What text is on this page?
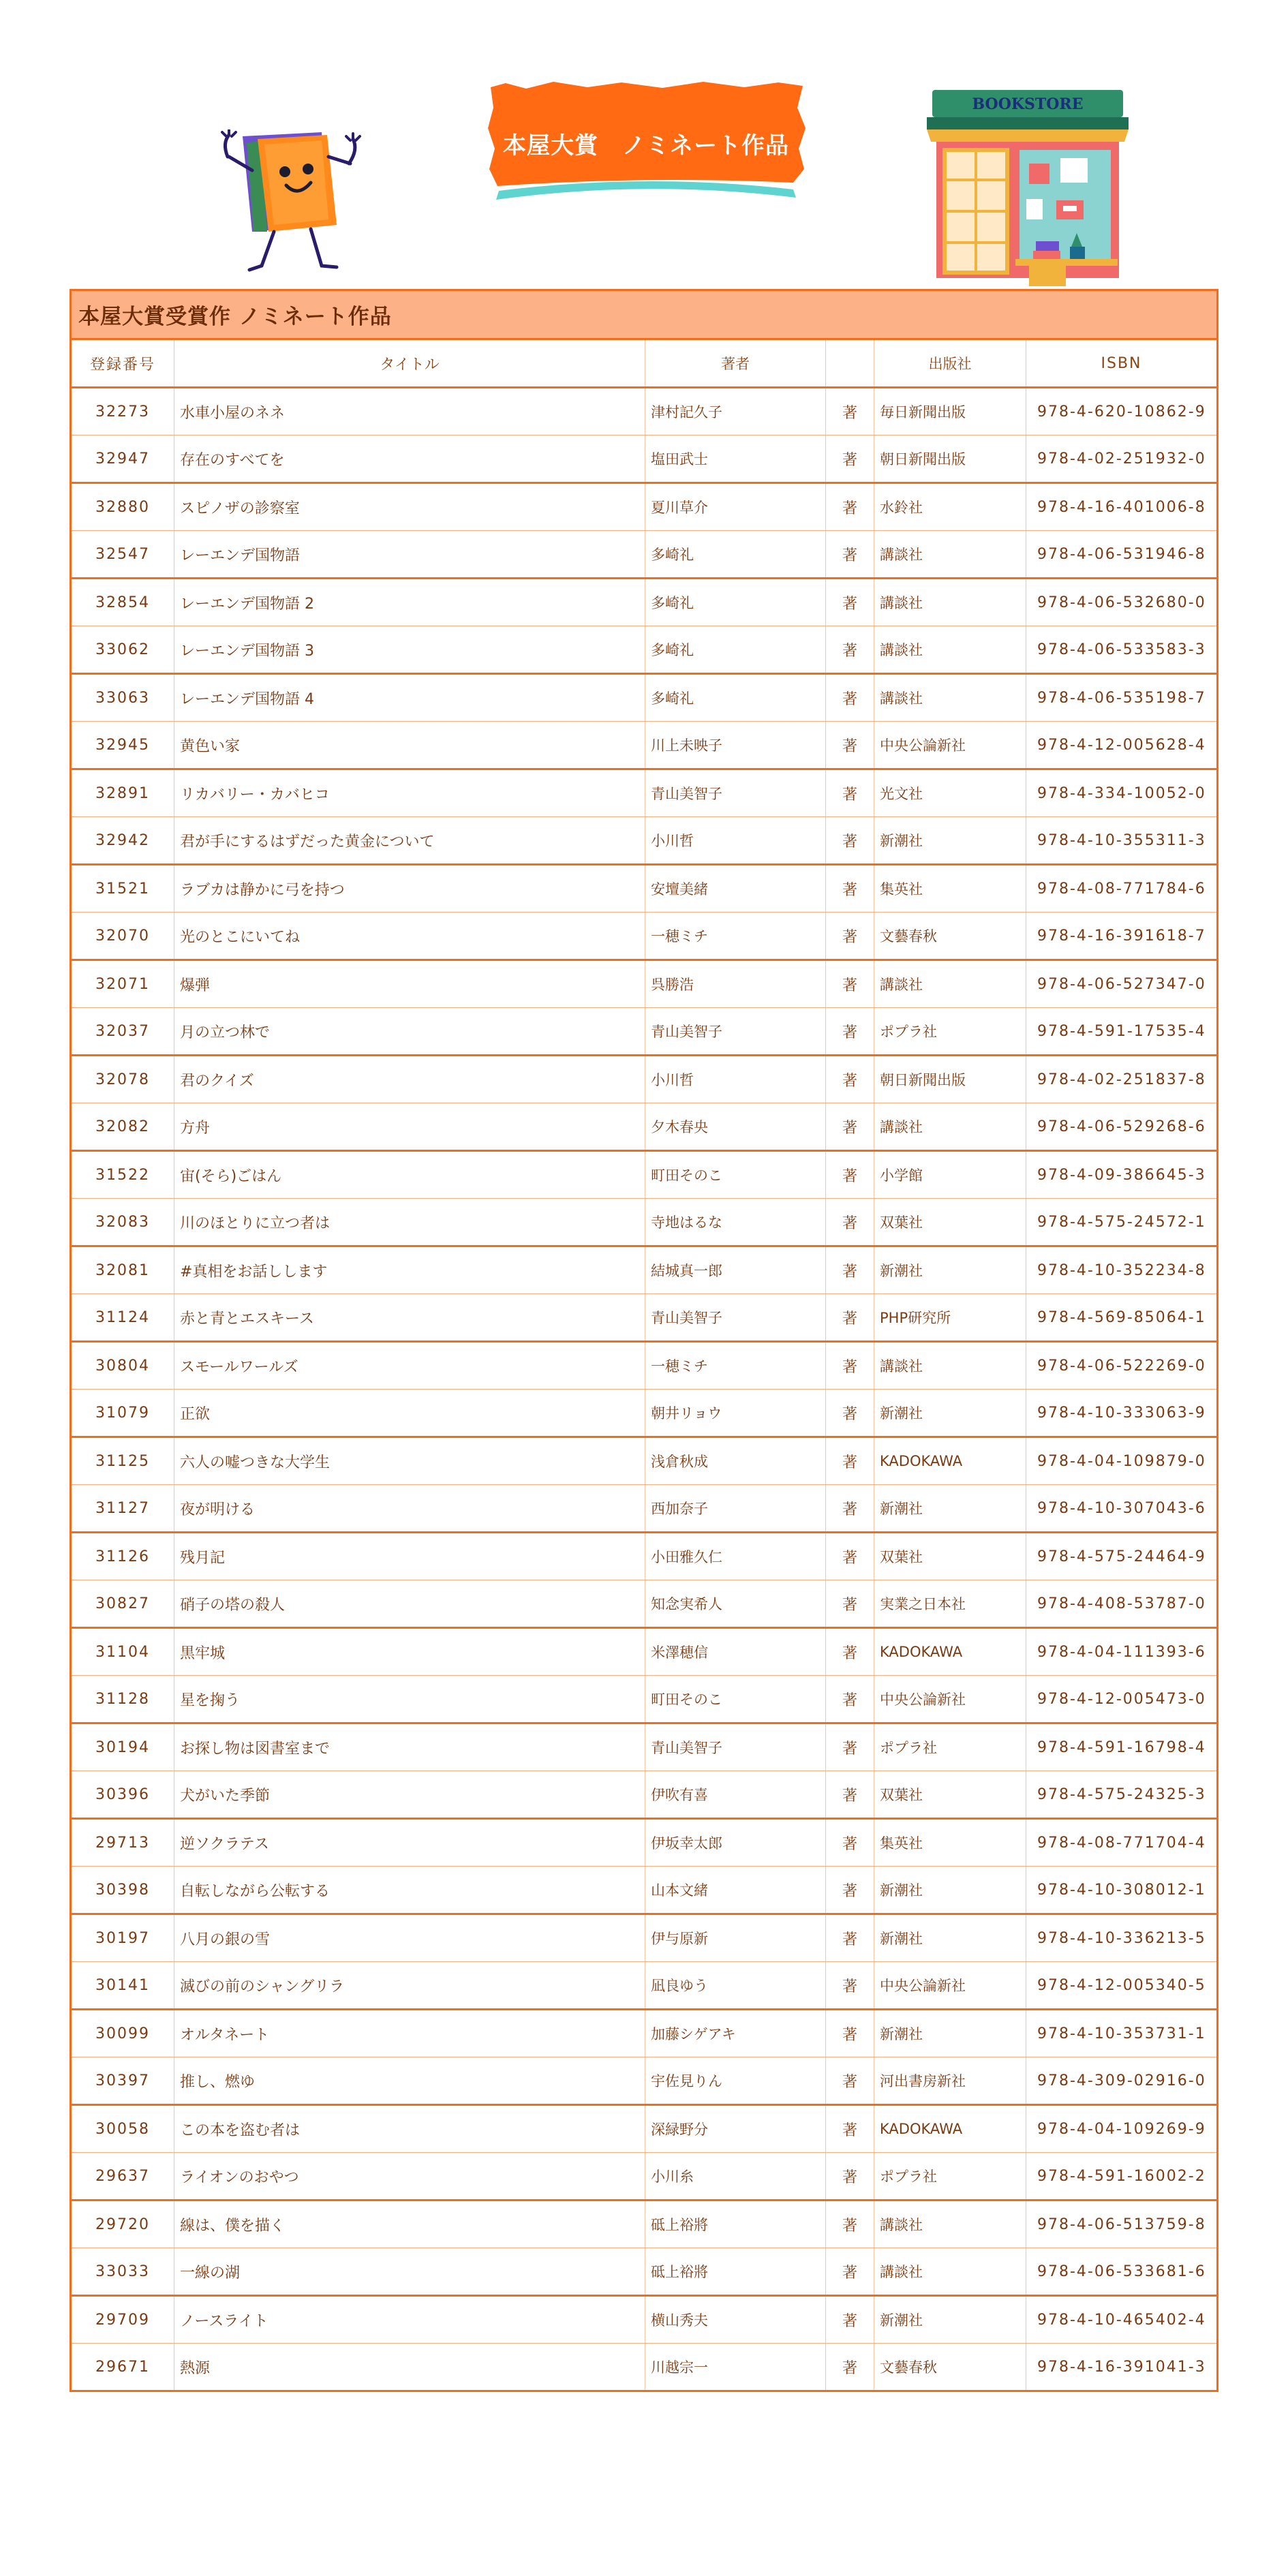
本屋大賞　ノミネート作品
BOOKSTORE
本屋大賞受賞作 ノミネート作品
登録番号	タイトル	著者		出版社	ISBN
32273	水車小屋のネネ	津村記久子	著	毎日新聞出版	978-4-620-10862-9
32947	存在のすべてを	塩田武士	著	朝日新聞出版	978-4-02-251932-0
32880	スピノザの診察室	夏川草介	著	水鈴社	978-4-16-401006-8
32547	レーエンデ国物語	多崎礼	著	講談社	978-4-06-531946-8
32854	レーエンデ国物語 2	多崎礼	著	講談社	978-4-06-532680-0
33062	レーエンデ国物語 3	多崎礼	著	講談社	978-4-06-533583-3
33063	レーエンデ国物語 4	多崎礼	著	講談社	978-4-06-535198-7
32945	黄色い家	川上未映子	著	中央公論新社	978-4-12-005628-4
32891	リカバリー・カバヒコ	青山美智子	著	光文社	978-4-334-10052-0
32942	君が手にするはずだった黄金について	小川哲	著	新潮社	978-4-10-355311-3
31521	ラブカは静かに弓を持つ	安壇美緒	著	集英社	978-4-08-771784-6
32070	光のとこにいてね	一穂ミチ	著	文藝春秋	978-4-16-391618-7
32071	爆弾	呉勝浩	著	講談社	978-4-06-527347-0
32037	月の立つ林で	青山美智子	著	ポプラ社	978-4-591-17535-4
32078	君のクイズ	小川哲	著	朝日新聞出版	978-4-02-251837-8
32082	方舟	夕木春央	著	講談社	978-4-06-529268-6
31522	宙(そら)ごはん	町田そのこ	著	小学館	978-4-09-386645-3
32083	川のほとりに立つ者は	寺地はるな	著	双葉社	978-4-575-24572-1
32081	#真相をお話しします	結城真一郎	著	新潮社	978-4-10-352234-8
31124	赤と青とエスキース	青山美智子	著	PHP研究所	978-4-569-85064-1
30804	スモールワールズ	一穂ミチ	著	講談社	978-4-06-522269-0
31079	正欲	朝井リョウ	著	新潮社	978-4-10-333063-9
31125	六人の嘘つきな大学生	浅倉秋成	著	KADOKAWA	978-4-04-109879-0
31127	夜が明ける	西加奈子	著	新潮社	978-4-10-307043-6
31126	残月記	小田雅久仁	著	双葉社	978-4-575-24464-9
30827	硝子の塔の殺人	知念実希人	著	実業之日本社	978-4-408-53787-0
31104	黒牢城	米澤穂信	著	KADOKAWA	978-4-04-111393-6
31128	星を掬う	町田そのこ	著	中央公論新社	978-4-12-005473-0
30194	お探し物は図書室まで	青山美智子	著	ポプラ社	978-4-591-16798-4
30396	犬がいた季節	伊吹有喜	著	双葉社	978-4-575-24325-3
29713	逆ソクラテス	伊坂幸太郎	著	集英社	978-4-08-771704-4
30398	自転しながら公転する	山本文緒	著	新潮社	978-4-10-308012-1
30197	八月の銀の雪	伊与原新	著	新潮社	978-4-10-336213-5
30141	滅びの前のシャングリラ	凪良ゆう	著	中央公論新社	978-4-12-005340-5
30099	オルタネート	加藤シゲアキ	著	新潮社	978-4-10-353731-1
30397	推し、燃ゆ	宇佐見りん	著	河出書房新社	978-4-309-02916-0
30058	この本を盗む者は	深緑野分	著	KADOKAWA	978-4-04-109269-9
29637	ライオンのおやつ	小川糸	著	ポプラ社	978-4-591-16002-2
29720	線は、僕を描く	砥上裕將	著	講談社	978-4-06-513759-8
33033	一線の湖	砥上裕將	著	講談社	978-4-06-533681-6
29709	ノースライト	横山秀夫	著	新潮社	978-4-10-465402-4
29671	熱源	川越宗一	著	文藝春秋	978-4-16-391041-3
